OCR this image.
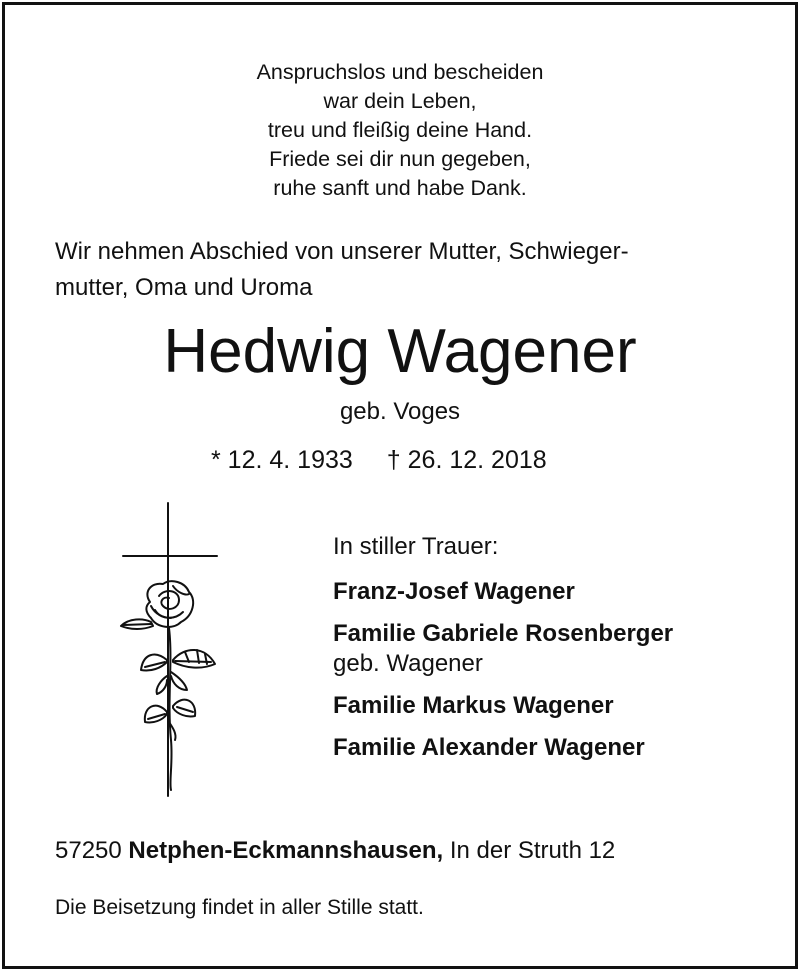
Anspruchslos und bescheiden
war dein Leben,
treu und fleißig deine Hand.
Friede sei dir nun gegeben,
ruhe sanft und habe Dank.
Wir nehmen Abschied von unserer Mutter, Schwieger-
mutter, Oma und Uroma
Hedwig Wagener
geb. Voges
* 12. 4. 1933 † 26. 12. 2018
In stiller Trauer:
Franz-Josef Wagener
Familie Gabriele Rosenberger
geb. Wagener
Familie Markus Wagener
Familie Alexander Wagener
57250 Netphen-Eckmannshausen, In der Struth 12
Die Beisetzung findet in aller Stille statt.
